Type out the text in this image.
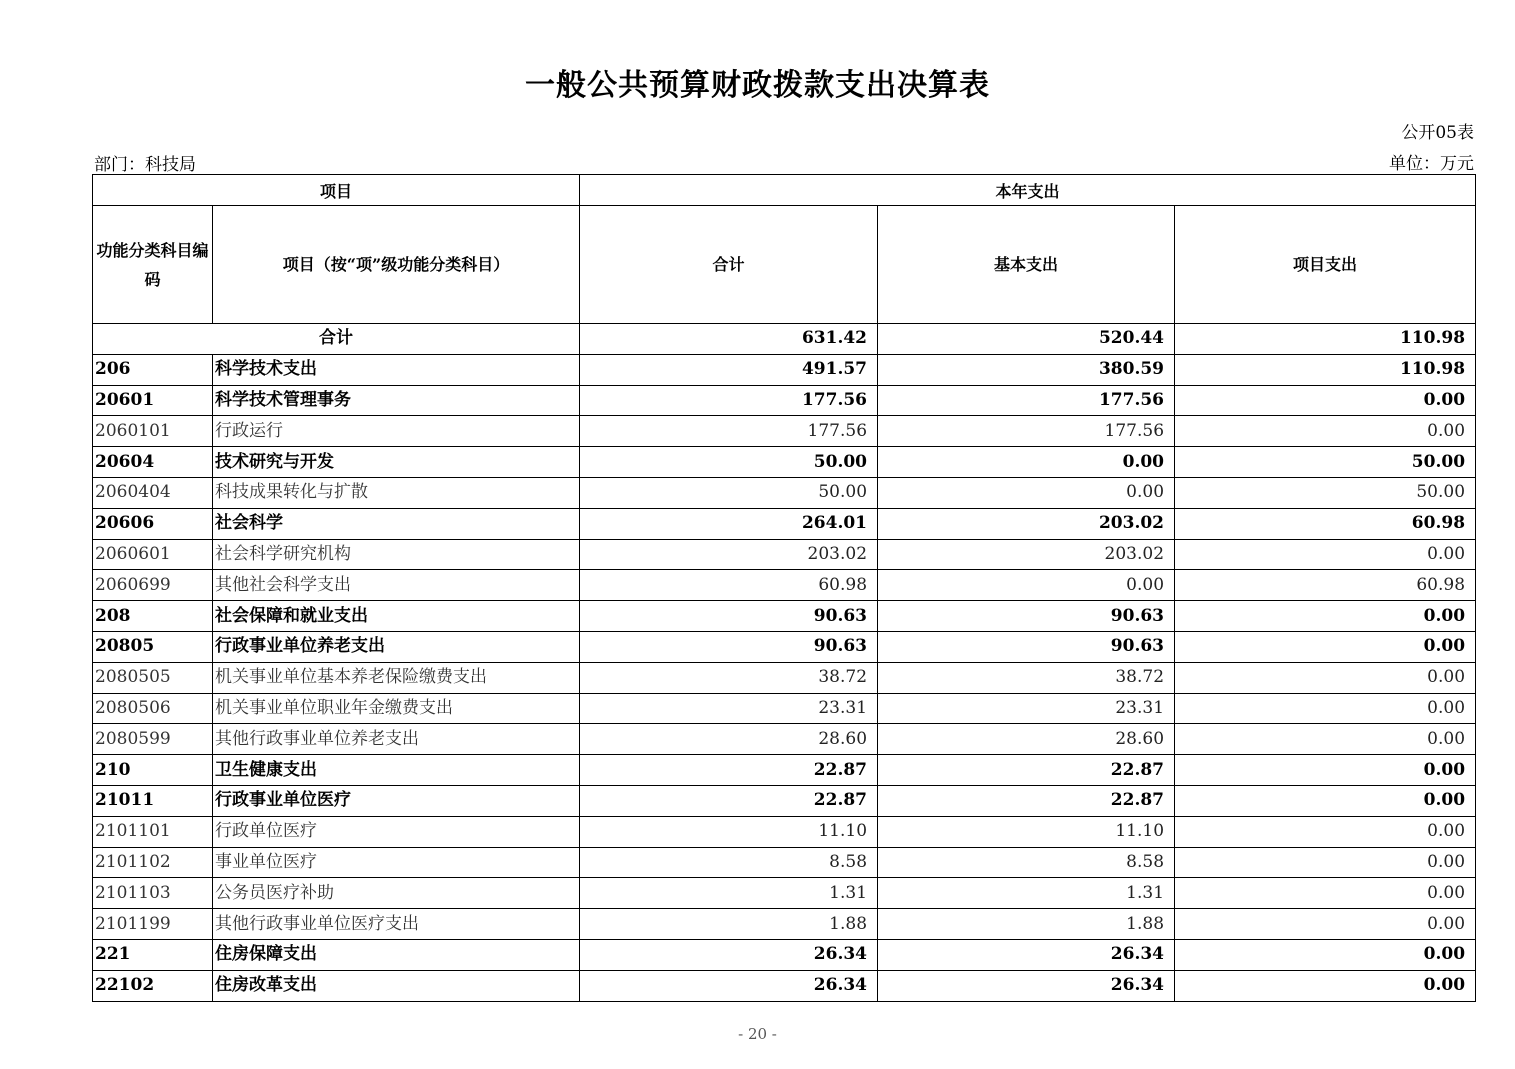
一般公共预算财政拨款支出决算表
公开05表
部门：科技局	单位：万元
项目		本年支出		
功能分类科目编码	项目（按“项”级功能分类科目）	合计	基本支出	项目支出
合计		631.42	520.44	110.98
206	科学技术支出	491.57	380.59	110.98
20601	科学技术管理事务	177.56	177.56	0.00
2060101	行政运行	177.56	177.56	0.00
20604	技术研究与开发	50.00	0.00	50.00
2060404	科技成果转化与扩散	50.00	0.00	50.00
20606	社会科学	264.01	203.02	60.98
2060601	社会科学研究机构	203.02	203.02	0.00
2060699	其他社会科学支出	60.98	0.00	60.98
208	社会保障和就业支出	90.63	90.63	0.00
20805	行政事业单位养老支出	90.63	90.63	0.00
2080505	机关事业单位基本养老保险缴费支出	38.72	38.72	0.00
2080506	机关事业单位职业年金缴费支出	23.31	23.31	0.00
2080599	其他行政事业单位养老支出	28.60	28.60	0.00
210	卫生健康支出	22.87	22.87	0.00
21011	行政事业单位医疗	22.87	22.87	0.00
2101101	行政单位医疗	11.10	11.10	0.00
2101102	事业单位医疗	8.58	8.58	0.00
2101103	公务员医疗补助	1.31	1.31	0.00
2101199	其他行政事业单位医疗支出	1.88	1.88	0.00
221	住房保障支出	26.34	26.34	0.00
22102	住房改革支出	26.34	26.34	0.00
- 20 -
